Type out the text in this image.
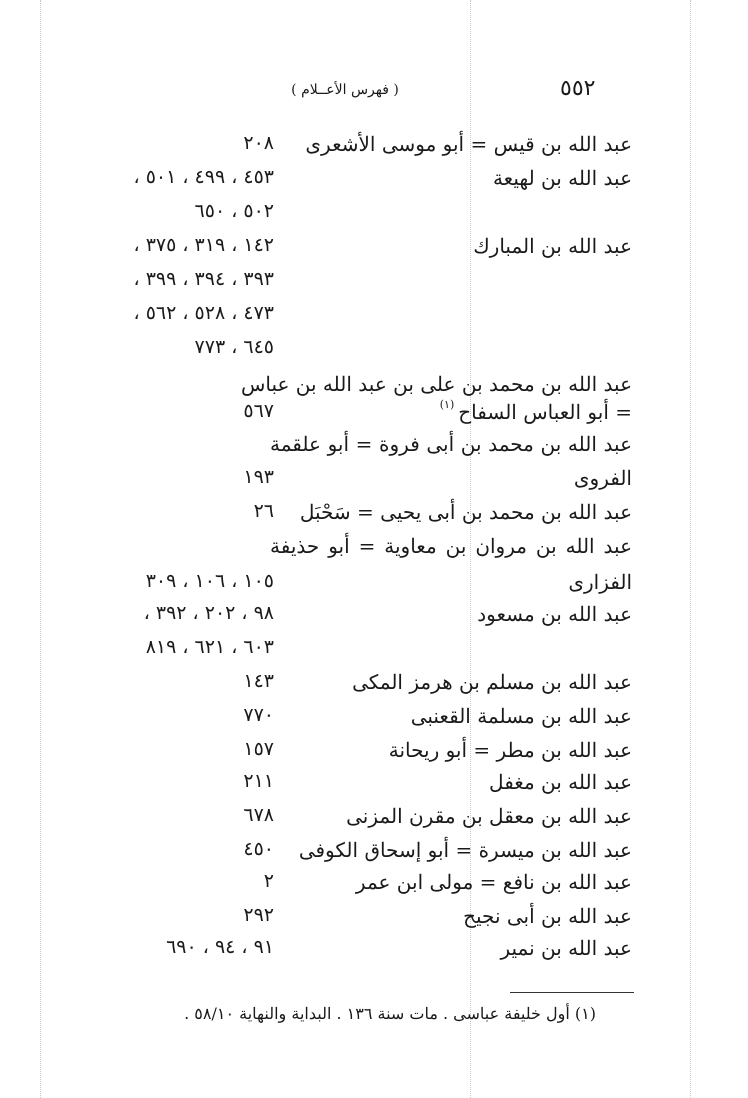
٥٥٢
( فهرس الأعــلام )
عبد الله بن قيس = أبو موسى الأشعرى
٢٠٨
عبد الله بن لهيعة
٤٥٣ ، ٤٩٩ ، ٥٠١ ،
٥٠٢ ، ٦٥٠
عبد الله بن المبارك
١٤٢ ، ٣١٩ ، ٣٧٥ ،
٣٩٣ ، ٣٩٤ ، ٣٩٩ ،
٤٧٣ ، ٥٢٨ ، ٥٦٢ ،
٦٤٥ ، ٧٧٣
عبد الله بن محمد بن على بن عبد الله بن عباس
= أبو العباس السفاح
(١)
٥٦٧
عبد الله بن محمد بن أبى فروة = أبو علقمة
الفروى
١٩٣
عبد الله بن محمد بن أبى يحيى = سَحْبَل
٢٦
عبد الله بن مروان بن معاوية = أبو حذيفة
الفزارى
١٠٥ ، ١٠٦ ، ٣٠٩
عبد الله بن مسعود
٩٨ ، ٢٠٢ ، ٣٩٢ ،
٦٠٣ ، ٦٢١ ، ٨١٩
عبد الله بن مسلم بن هرمز المكى
١٤٣
عبد الله بن مسلمة القعنبى
٧٧٠
عبد الله بن مطر = أبو ريحانة
١٥٧
عبد الله بن مغفل
٢١١
عبد الله بن معقل بن مقرن المزنى
٦٧٨
عبد الله بن ميسرة = أبو إسحاق الكوفى
٤٥٠
عبد الله بن نافع = مولى ابن عمر
٢
عبد الله بن أبى نجيح
٢٩٢
عبد الله بن نمير
٩١ ، ٩٤ ، ٦٩٠
(١) أول خليفة عباسى . مات سنة ١٣٦ . البداية والنهاية ٥٨/١٠ .
